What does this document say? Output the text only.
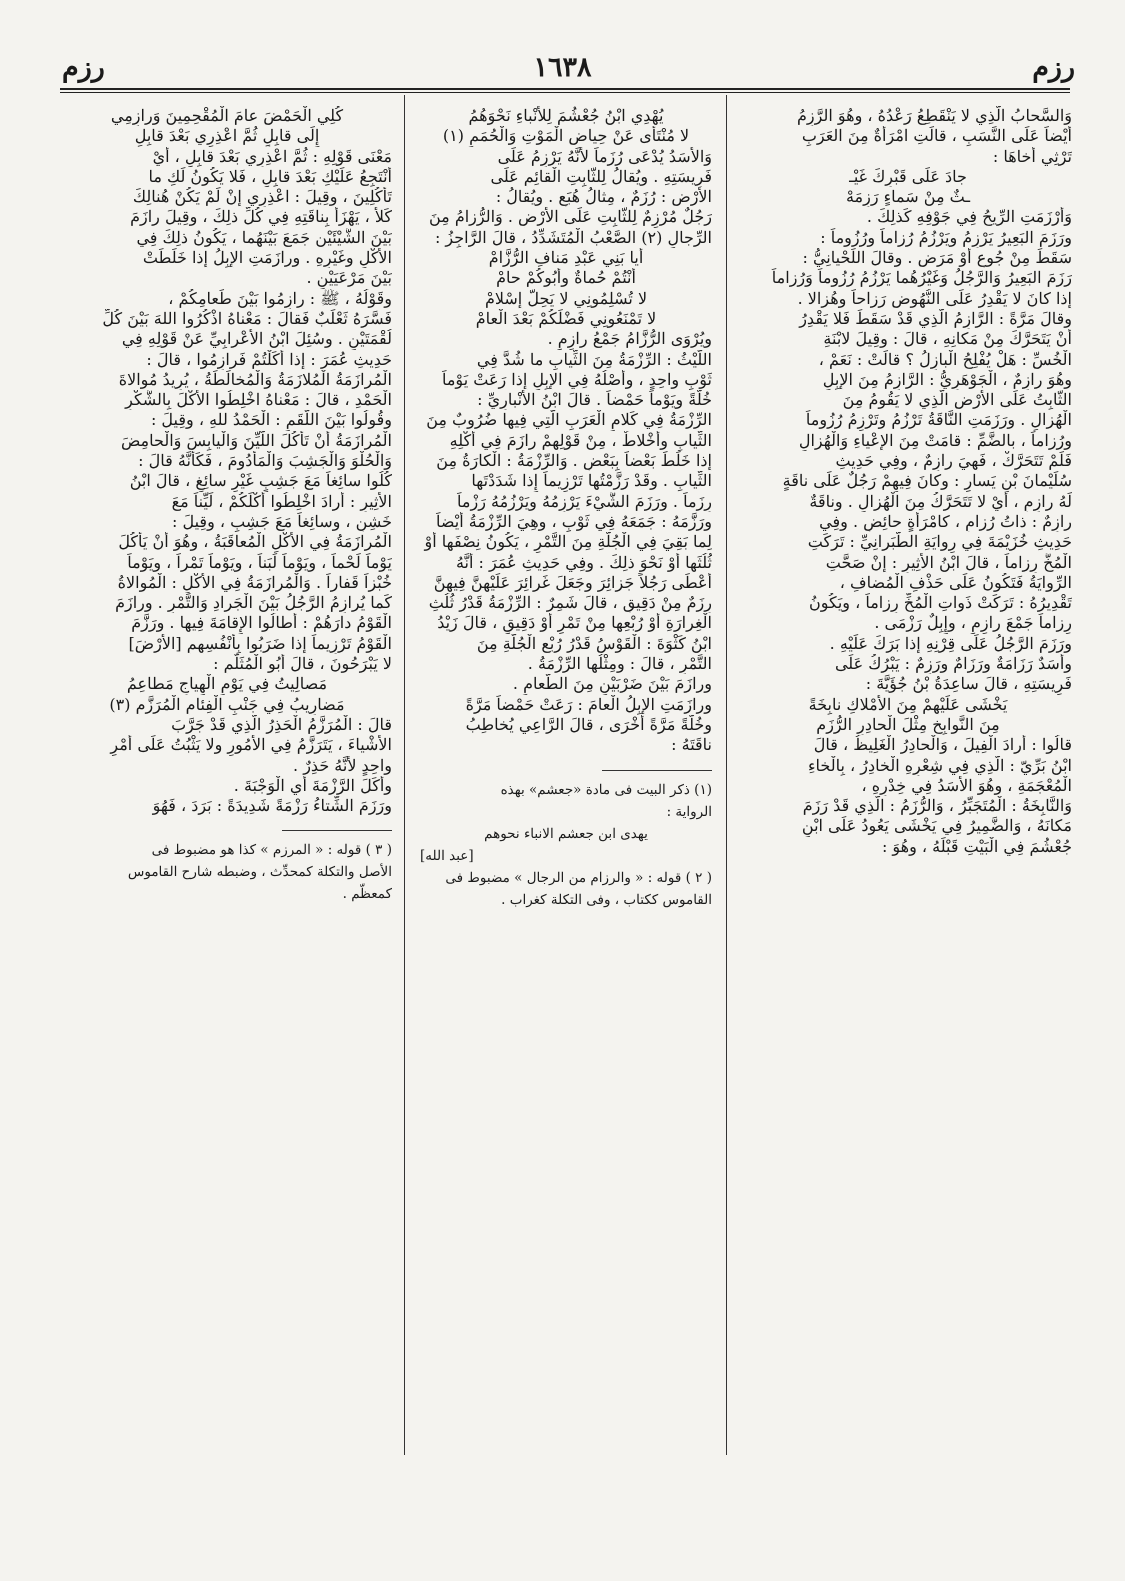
رزم
١٦٣٨
رزم
وَالسَّحابُ الَّذِي لا يَنْقَطِعُ رَعْدُهُ ، وهُوَ الرَّزِمُ
أَيْضاً عَلَى النَّسَبِ ، قالَتِ امْرَأَةٌ مِنَ العَرَبِ
تَرْثِي أَخاهَا :
جادَ عَلَى قَبْرِكَ غَيْـ
ـثٌ مِنْ سَماءٍ رَزِمَهْ
وَأَرْزَمَتِ الرِّيحُ فِي جَوْفِهِ كَذلِكَ .
ورَزَمَ البَعِيرُ يَرْزِمُ ويَرْزُمُ رُزاماً ورُزُوماً :
سَقَطَ مِنْ جُوعٍ أَوْ مَرَضٍ . وقالَ اللِّحْيانِيُّ :
رَزَمَ البَعِيرُ وَالرَّجُلُ وَغَيْرُهُما يَرْزُمُ رُزُوماً وَرُزاماً
إِذا كانَ لا يَقْدِرُ عَلَى النُّهُوضِ رَزاحاً وهُزالا .
وقالَ مَرَّةً : الرَّازِمُ الَّذِي قَدْ سَقَطَ فَلا يَقْدِرُ
أَنْ يَتَحَرَّكَ مِنْ مَكانِهِ ، قالَ : وقِيلَ لابْنَةِ
الْخُسِّ : هَلْ يُفْلِحُ الْبازِلُ ؟ قالَتْ : نَعَمْ ،
وهُوَ رازِمٌ ، الْجَوْهَرِيُّ : الرَّازِمُ مِنَ الإِبِلِ
الثَّابِتُ عَلَى الأَرْضِ الَّذِي لا يَقُومُ مِنَ
الْهُزالِ . ورَزَمَتِ النَّاقَةُ تَرْزُمُ وتَرْزِمُ رُزُوماً
ورُزاماً ، بالضَّمِّ : قامَتْ مِنَ الإِعْياءِ وَالْهُزالِ
فَلَمْ تَتَحَرَّكْ ، فَهِيَ رازِمٌ ، وفِي حَدِيثِ
سُلَيْمانَ بْنِ يَسارٍ : وكانَ فِيهِمْ رَجُلٌ عَلَى ناقَةٍ
لَهُ رازِمٍ ، أَيْ لا تَتَحَرَّكُ مِنَ الْهُزالِ . وناقَةٌ
رازِمٌ : ذاتُ رُزامٍ ، كامْرَأَةٍ حائِضٍ . وفِي
حَدِيثِ خُزَيْمَةَ فِي رِوايَةِ الطَّبَرانِيِّ : تَرَكَتِ
الْمُخَّ رِزاماً ، قالَ ابْنُ الأَثِيرِ : إِنْ صَحَّتِ
الرِّوايَةُ فَتَكُونُ عَلَى حَذْفِ الْمُضافِ ،
تَقْدِيرُهُ : تَرَكَتْ ذَواتِ الْمُخِّ رِزاماً ، ويَكُونُ
رِزاماً جَمْعَ رازِمٍ ، وإِبِلٌ رَزْمَى .
ورَزَمَ الرَّجُلُ عَلَى قِرْنِهِ إِذا بَرَكَ عَلَيْهِ .
وأَسَدٌ رَزَامَةٌ ورَزَامٌ ورَزِمٌ : يَبْرُكُ عَلَى
فَرِيسَتِهِ ، قالَ ساعِدَةُ بْنُ جُؤَيَّةَ :
يَخْشَى عَلَيْهِمْ مِنَ الأَمْلاكِ نابِخَةً
مِنَ النَّوابِخِ مِثْلَ الْحادِرِ الرُّزَمِ
قالُوا : أَرادَ الْفِيلَ ، وَالْحادِرُ الْغَلِيظُ ، قالَ
ابْنُ بَرِّيّ : الَّذِي فِي شِعْرِهِ الْخادِرُ ، بِالْخاءِ
الْمُعْجَمَةِ ، وهُوَ الأَسَدُ فِي خِدْرِهِ ،
وَالنَّابِخَةُ : الْمُتَجَبِّرُ ، وَالرُّزَمُ : الَّذِي قَدْ رَزَمَ
مَكانَهُ ، وَالضَّمِيرُ فِي يَخْشَى يَعُودُ عَلَى ابْنِ
جُعْشُمَ فِي الْبَيْتِ قَبْلَهُ ، وهُوَ :
يُهْدِي ابْنُ جُعْشُمَ لِلأَنْباءِ نَحْوَهُمُ
لا مُنْتَأًى عَنْ حِياضِ الْمَوْتِ وَالْحُمَمِ (١)
وَالأَسَدُ يُدْعَى رُزَماً لأَنَّهُ يَرْزِمُ عَلَى
فَرِيسَتِهِ . ويُقالُ لِلثَّابِتِ الْقائِمِ عَلَى
الأَرْضِ : رُزَمٌ ، مِثالُ هُبَعٍ . ويُقالُ :
رَجُلٌ مُرْزِمٌ لِلثَّابِتِ عَلَى الأَرْضِ . وَالرُّزامُ مِنَ
الرِّجالِ (٢) الصَّعْبُ الْمُتَشَدِّدُ ، قالَ الرَّاجِزُ :
أَيا بَنِي عَبْدِ مَنافِ الرُّزَّامْ
أَنْتُمْ حُماةٌ وأَبُوكُمْ حامْ
لا تُسْلِمُونِي لا يَحِلُّ إِسْلامْ
لا تَمْنَعُونِي فَضْلَكُمْ بَعْدَ الْعامْ
ويُرْوَى الرُّزَّامُ جَمْعُ رازِمٍ .
اللَّيْثُ : الرِّزْمَةُ مِنَ الثِّيابِ ما شُدَّ فِي
ثَوْبٍ واحِدٍ ، وأَصْلُهُ فِي الإِبِلِ إِذا رَعَتْ يَوْماً
خُلَّةً ويَوْماً حَمْضاً . قالَ ابْنُ الأَنْبارِيِّ :
الرِّزْمَةُ فِي كَلامِ الْعَرَبِ الَّتِي فِيها ضُرُوبٌ مِنَ
الثِّيابِ وأَخْلاطٌ ، مِنْ قَوْلِهِمْ رازَمَ فِي أَكْلِهِ
إِذا خَلَطَ بَعْضاً بِبَعْضٍ . وَالرِّزْمَةُ : الْكارَةُ مِنَ
الثِّيابِ . وقَدْ رَزَّمْتُها تَرْزِيماً إِذا شَدَدْتَها
رِزَماً . ورَزَمَ الشَّيْءَ يَرْزِمُهُ ويَرْزُمُهُ رَزْماً
ورَزَّمَهُ : جَمَعَهُ فِي ثَوْبٍ ، وهِيَ الرِّزْمَةُ أَيْضاً
لِما بَقِيَ فِي الْجُلَّةِ مِنَ التَّمْرِ ، يَكُونُ نِصْفَها أَوْ
ثُلُثَها أَوْ نَحْوَ ذلِكَ . وفِي حَدِيثِ عُمَرَ : أَنَّهُ
أَعْطَى رَجُلاً جَزائِرَ وجَعَلَ غَرائِرَ عَلَيْهِنَّ فِيهِنَّ
رِزَمٌ مِنْ دَقِيقٍ ، قالَ شَمِرٌ : الرِّزْمَةُ قَدْرُ ثُلُثِ
الْغِرارَةِ أَوْ رُبْعِها مِنْ تَمْرٍ أَوْ دَقِيقٍ ، قالَ زَيْدُ
ابْنُ كَثْوَةَ : الْقَوْسُ قَدْرُ رُبْعِ الْجُلَّةِ مِنَ
التَّمْرِ ، قالَ : ومِثْلُها الرِّزْمَةُ .
ورازَمَ بَيْنَ ضَرْبَيْنِ مِنَ الطَّعامِ .
ورازَمَتِ الإِبِلُ الْعامَ : رَعَتْ حَمْضاً مَرَّةً
وخُلَّةً مَرَّةً أُخْرَى ، قالَ الرَّاعِي يُخاطِبُ
ناقَتَهُ :
(١) ذكر البيت فى مادة «جعشم» بهذه
الرواية :
يهدى ابن جعشم الانباء نحوهم
[عبد الله]
( ٢ ) قوله : « والرزام من الرجال » مضبوط فى
القاموس ككتاب ، وفى التكلة كغراب .
كُلِي الْحَمْضَ عامَ الْمُقْحِمِينَ وَرازِمِي
إِلَى قابِلٍ ثُمَّ اعْذِرِي بَعْدَ قابِلِ
مَعْنَى قَوْلِهِ : ثُمَّ اعْذِرِي بَعْدَ قابِلٍ ، أَيْ
أَنْتَجِعُ عَلَيْكِ بَعْدَ قابِلٍ ، فَلا يَكُونُ لَكِ ما
تَأْكُلِينَ ، وقِيلَ : اعْذِرِي إِنْ لَمْ يَكُنْ هُنالِكَ
كَلأٌ ، يَهْزَأُ بِناقَتِهِ فِي كُلِّ ذلِكَ ، وقِيلَ رازَمَ
بَيْنَ الشَّيْئَيْنِ جَمَعَ بَيْنَهُما ، يَكُونُ ذلِكَ فِي
الأَكْلِ وغَيْرِهِ . ورازَمَتِ الإِبِلُ إِذا خَلَطَتْ
بَيْنَ مَرْعَيَيْنِ .
وقَوْلُهُ ، ﷺ : رازِمُوا بَيْنَ طَعامِكُمْ ،
فَسَّرَهُ ثَعْلَبٌ فَقالَ : مَعْناهُ اذْكُرُوا اللهَ بَيْنَ كُلِّ
لُقْمَتَيْنِ . وسُئِلَ ابْنُ الأَعْرابِيِّ عَنْ قَوْلِهِ فِي
حَدِيثِ عُمَرَ : إِذا أَكَلْتُمْ فَرازِمُوا ، قالَ :
الْمُرازَمَةُ الْمُلازَمَةُ وَالْمُخالَطَةُ ، يُرِيدُ مُوالاةَ
الْحَمْدِ ، قالَ : مَعْناهُ اخْلِطُوا الأَكْلَ بِالشُّكْرِ
وقُولُوا بَيْنَ اللُّقَمِ : الْحَمْدُ للهِ ، وقِيلَ :
الْمُرازَمَةُ أَنْ تَأْكُلَ اللَّيِّنَ وَالْيابِسَ وَالْحامِضَ
وَالْحُلْوَ وَالْجَشِبَ وَالْمَأْدُومَ ، فَكَأَنَّهُ قالَ :
كُلُوا سائِغاً مَعَ جَشِبٍ غَيْرِ سائِغٍ ، قالَ ابْنُ
الأَثِيرِ : أَرادَ اخْلِطُوا أَكْلَكُمْ ، لَيِّناً مَعَ
خَشِنٍ ، وسائِغاً مَعَ جَشِبٍ ، وقِيلَ :
الْمُرازَمَةُ فِي الأَكْلِ الْمُعاقَبَةُ ، وهُوَ أَنْ يَأْكُلَ
يَوْماً لَحْماً ، ويَوْماً لَبَناً ، ويَوْماً تَمْراً ، ويَوْماً
خُبْزاً قَفاراً . وَالْمُرازَمَةُ فِي الأَكْلِ : الْمُوالاةُ
كَما يُرازِمُ الرَّجُلُ بَيْنَ الْجَرادِ وَالتَّمْرِ . ورازَمَ
الْقَوْمُ دارَهُمْ : أَطالُوا الإِقامَةَ فِيها . ورَزَّمَ
الْقَوْمُ تَرْزِيماً إِذا ضَرَبُوا بِأَنْفُسِهِمِ [الأَرْضَ]
لا يَبْرَحُونَ ، قالَ أَبُو الْمُثَلَّمِ :
مَصالِيتُ فِي يَوْمِ الْهِياجِ مَطاعِمُ
مَضارِيبُ فِي جَنْبِ الْفِئامِ الْمُرَزَّمِ (٣)
قالَ : الْمُرَزَّمُ الْحَذِرُ الَّذِي قَدْ جَرَّبَ
الأَشْياءَ ، يَتَرَزَّمُ فِي الأُمُورِ ولا يَثْبُتُ عَلَى أَمْرٍ
واحِدٍ لأَنَّهُ حَذِرٌ .
وأَكَلَ الرَّزْمَةَ أَيِ الْوَجْبَةَ .
ورَزَمَ الشِّتاءُ رَزْمَةً شَدِيدَةً : بَرَدَ ، فَهُوَ
( ٣ ) قوله : « المرزم » كذا هو مضبوط فى
الأصل والتكلة كمحدِّث ، وضبطه شارح القاموس
كمعظَّم .
